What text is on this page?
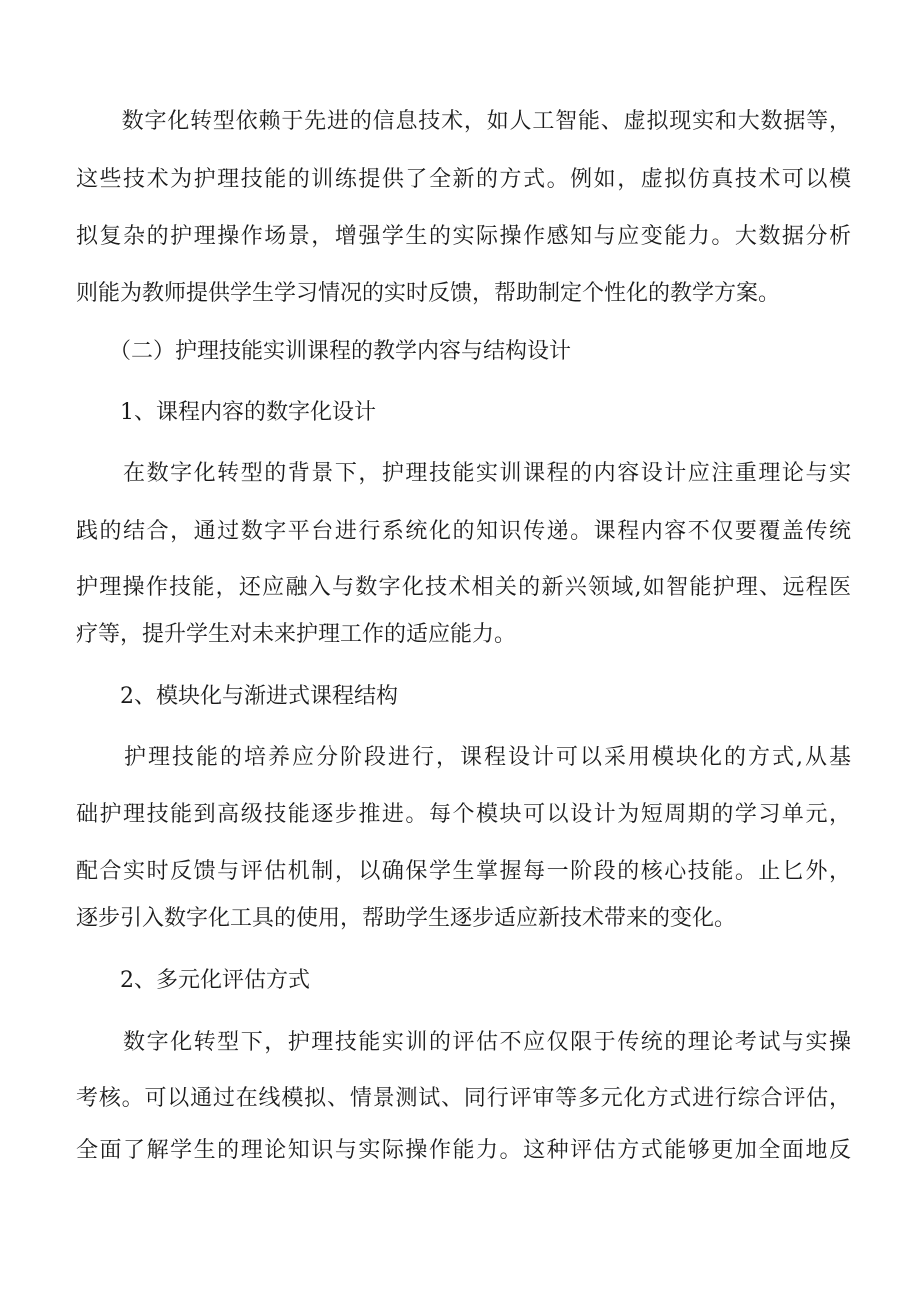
　　数字化转型依赖于先进的信息技术，如人工智能、虚拟现实和大数据等，
这些技术为护理技能的训练提供了全新的方式。例如，虚拟仿真技术可以模
拟复杂的护理操作场景，增强学生的实际操作感知与应变能力。大数据分析
则能为教师提供学生学习情况的实时反馈，帮助制定个性化的教学方案。
　　（二）护理技能实训课程的教学内容与结构设计
　　1、课程内容的数字化设计
　　在数字化转型的背景下，护理技能实训课程的内容设计应注重理论与实
践的结合，通过数字平台进行系统化的知识传递。课程内容不仅要覆盖传统
护理操作技能，还应融入与数字化技术相关的新兴领域,如智能护理、远程医
疗等，提升学生对未来护理工作的适应能力。
　　2、模块化与渐进式课程结构
　　护理技能的培养应分阶段进行，课程设计可以采用模块化的方式,从基
础护理技能到高级技能逐步推进。每个模块可以设计为短周期的学习单元，
配合实时反馈与评估机制，以确保学生掌握每一阶段的核心技能。止匕外，
逐步引入数字化工具的使用，帮助学生逐步适应新技术带来的变化。
　　2、多元化评估方式
　　数字化转型下，护理技能实训的评估不应仅限于传统的理论考试与实操
考核。可以通过在线模拟、情景测试、同行评审等多元化方式进行综合评估，
全面了解学生的理论知识与实际操作能力。这种评估方式能够更加全面地反
